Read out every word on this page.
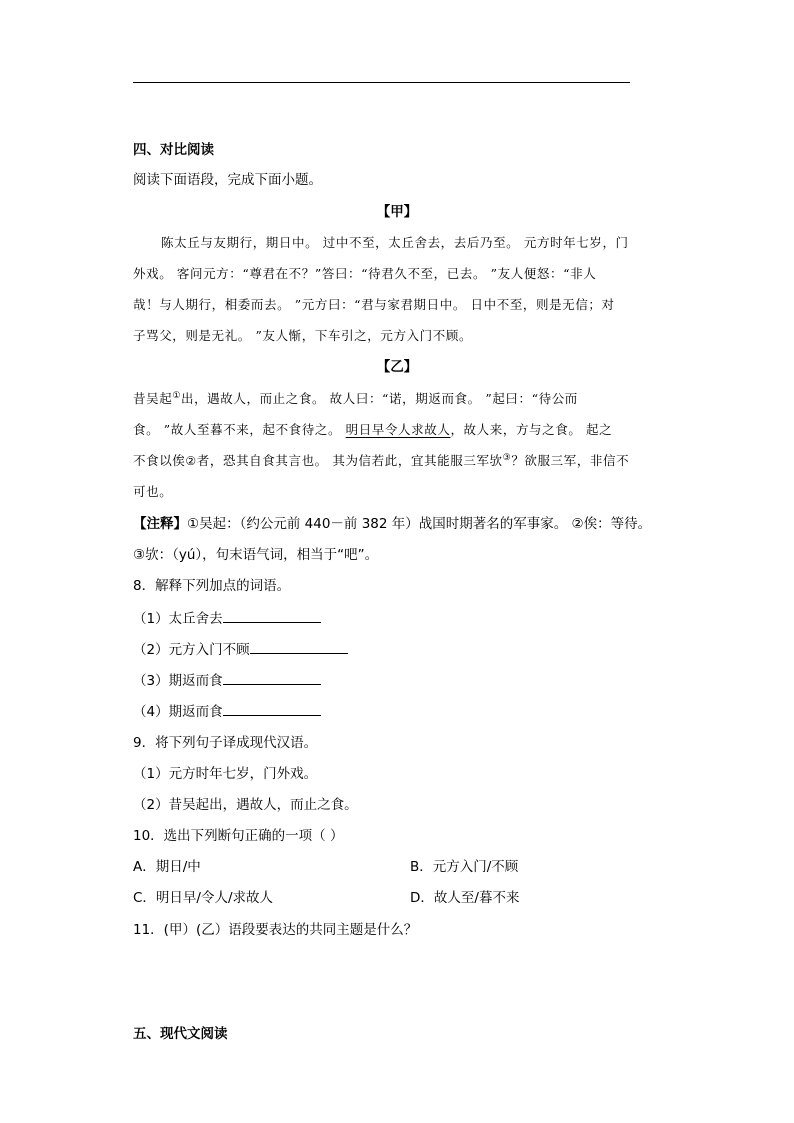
四、对比阅读
阅读下面语段，完成下面小题。
【甲】
陈太丘与友期行，期日中。 过中不至，太丘舍去，去后乃至。 元方时年七岁，门
外戏。 客问元方：“尊君在不？”答曰：“待君久不至，已去。 ”友人便怒：“非人
哉！与人期行，相委而去。 ”元方曰：“君与家君期日中。 日中不至，则是无信；对
子骂父，则是无礼。 ”友人惭，下车引之，元方入门不顾。
【乙】
昔吴起①出，遇故人，而止之食。 故人曰：“诺，期返而食。 ”起曰：“待公而
食。 ”故人至暮不来，起不食待之。 明日早令人求故人，故人来，方与之食。 起之
不食以俟②者，恐其自食其言也。 其为信若此，宜其能服三军欤③？欲服三军，非信不
可也。
【注释】①吴起：（约公元前 440－前 382 年）战国时期著名的军事家。 ②俟：等待。
③欤：（yú），句末语气词，相当于“吧”。
8．解释下列加点的词语。
（1）太丘舍去
（2）元方入门不顾
（3）期返而食
（4）期返而食
9．将下列句子译成现代汉语。
（1）元方时年七岁，门外戏。
（2）昔吴起出，遇故人，而止之食。
10．选出下列断句正确的一项（ ）
A．期日/中	B．元方入门/不顾
C．明日早/令人/求故人	D．故人至/暮不来
11．(甲）(乙）语段要表达的共同主题是什么？
五、现代文阅读
